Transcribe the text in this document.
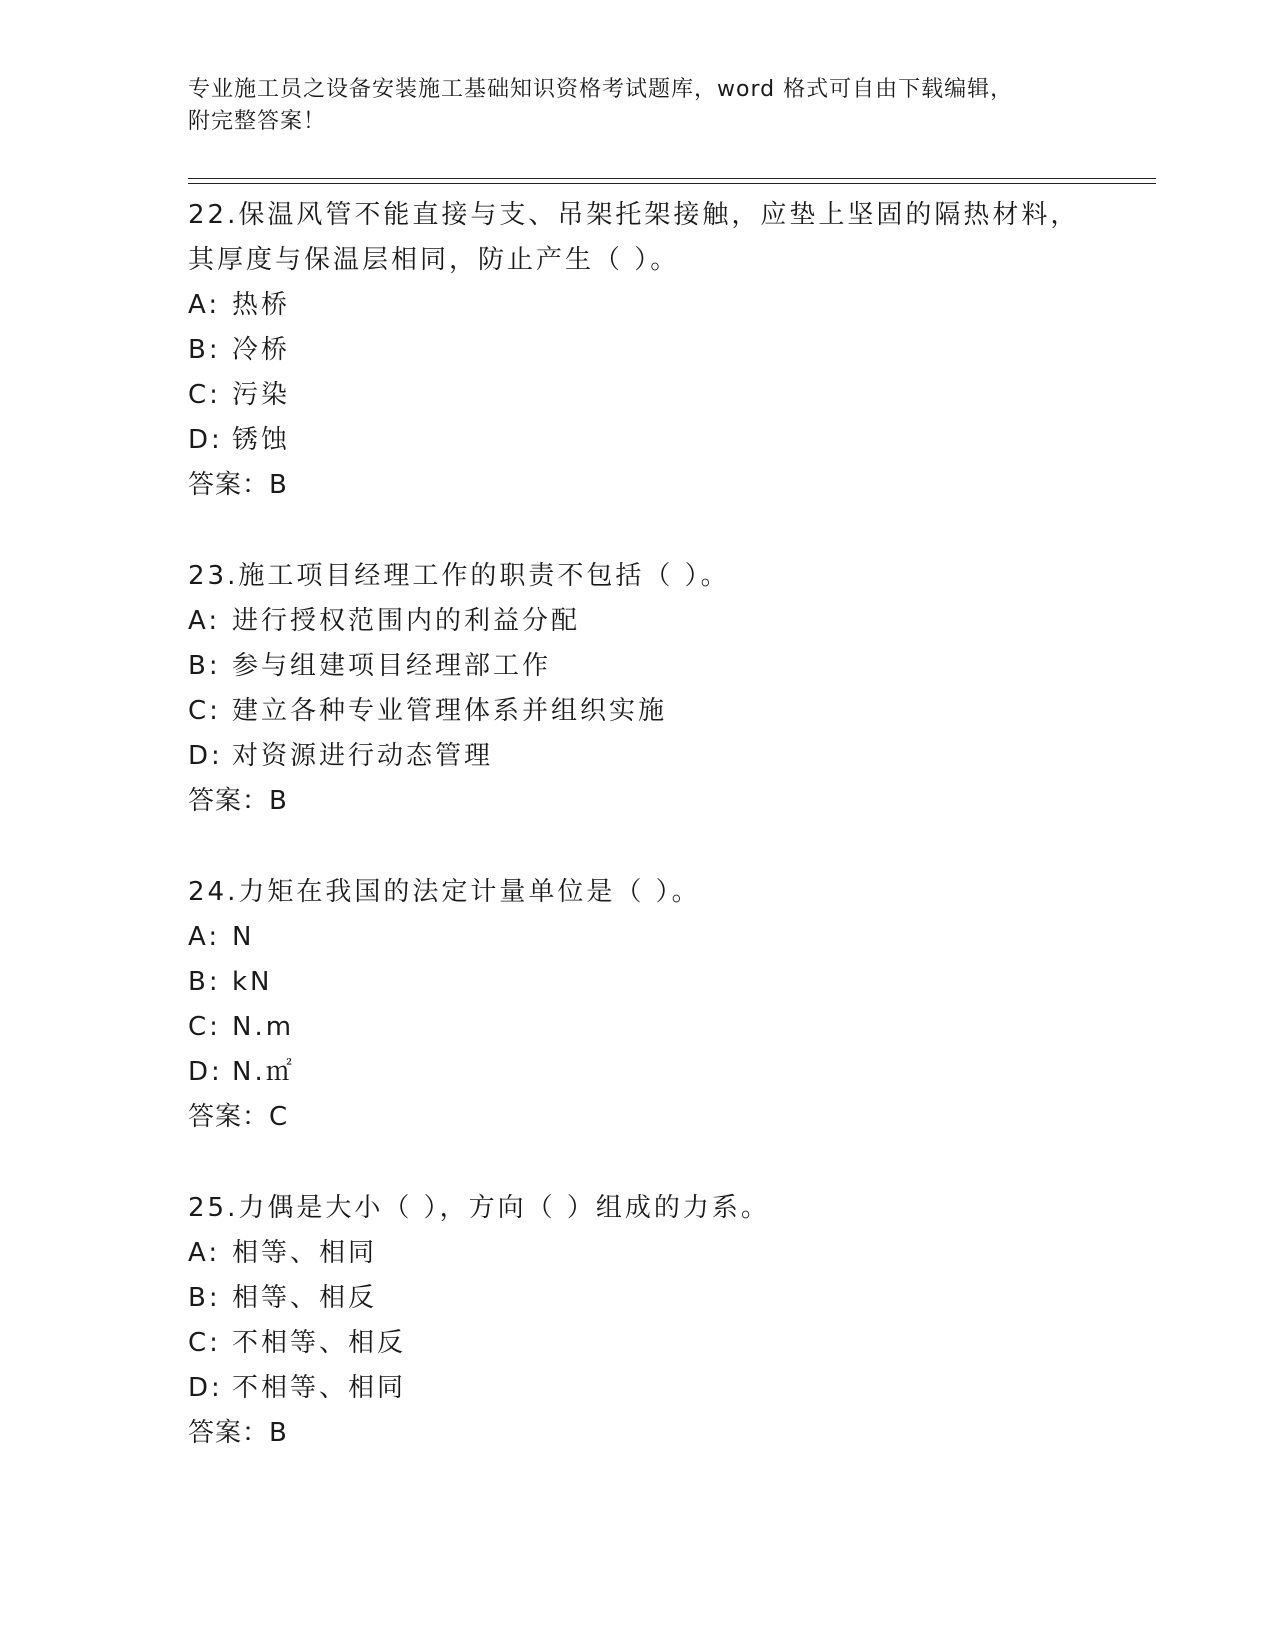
专业施工员之设备安装施工基础知识资格考试题库，word 格式可自由下载编辑，
附完整答案！
22.保温风管不能直接与支、吊架托架接触，应垫上坚固的隔热材料，
其厚度与保温层相同，防止产生（ ）。
A: 热桥
B: 冷桥
C: 污染
D: 锈蚀
答案：B
23.施工项目经理工作的职责不包括（ ）。
A: 进行授权范围内的利益分配
B: 参与组建项目经理部工作
C: 建立各种专业管理体系并组织实施
D: 对资源进行动态管理
答案：B
24.力矩在我国的法定计量单位是（ ）。
A: N
B: kN
C: N.m
D: N.㎡
答案：C
25.力偶是大小（ ），方向（ ）组成的力系。
A: 相等、相同
B: 相等、相反
C: 不相等、相反
D: 不相等、相同
答案：B
